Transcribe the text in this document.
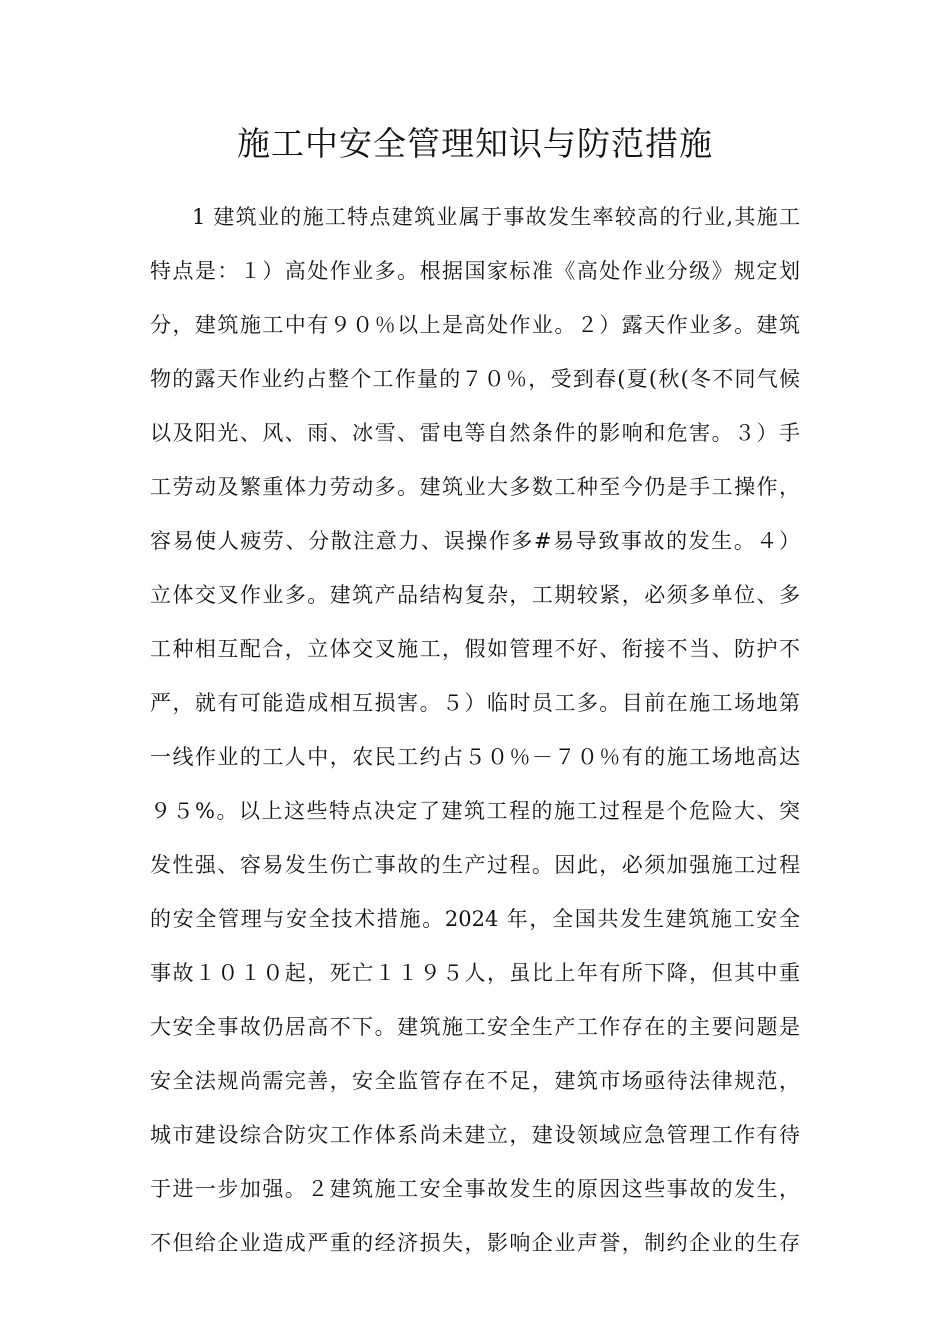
施工中安全管理知识与防范措施
1 建筑业的施工特点建筑业属于事故发生率较高的行业,其施工
特点是：１）高处作业多。根据国家标准《高处作业分级》规定划
分，建筑施工中有９０％以上是高处作业。２）露天作业多。建筑
物的露天作业约占整个工作量的７０％，受到春(夏(秋(冬不同气候
以及阳光、风、雨、冰雪、雷电等自然条件的影响和危害。３）手
工劳动及繁重体力劳动多。建筑业大多数工种至今仍是手工操作，
容易使人疲劳、分散注意力、误操作多#易导致事故的发生。４）
立体交叉作业多。建筑产品结构复杂，工期较紧，必须多单位、多
工种相互配合，立体交叉施工，假如管理不好、衔接不当、防护不
严，就有可能造成相互损害。５）临时员工多。目前在施工场地第
一线作业的工人中，农民工约占５０％－７０％有的施工场地高达
９５%。以上这些特点决定了建筑工程的施工过程是个危险大、突
发性强、容易发生伤亡事故的生产过程。因此，必须加强施工过程
的安全管理与安全技术措施。2024 年，全国共发生建筑施工安全
事故１０１０起，死亡１１９５人，虽比上年有所下降，但其中重
大安全事故仍居高不下。建筑施工安全生产工作存在的主要问题是
安全法规尚需完善，安全监管存在不足，建筑市场亟待法律规范，
城市建设综合防灾工作体系尚未建立，建设领域应急管理工作有待
于进一步加强。２建筑施工安全事故发生的原因这些事故的发生，
不但给企业造成严重的经济损失，影响企业声誉，制约企业的生存
